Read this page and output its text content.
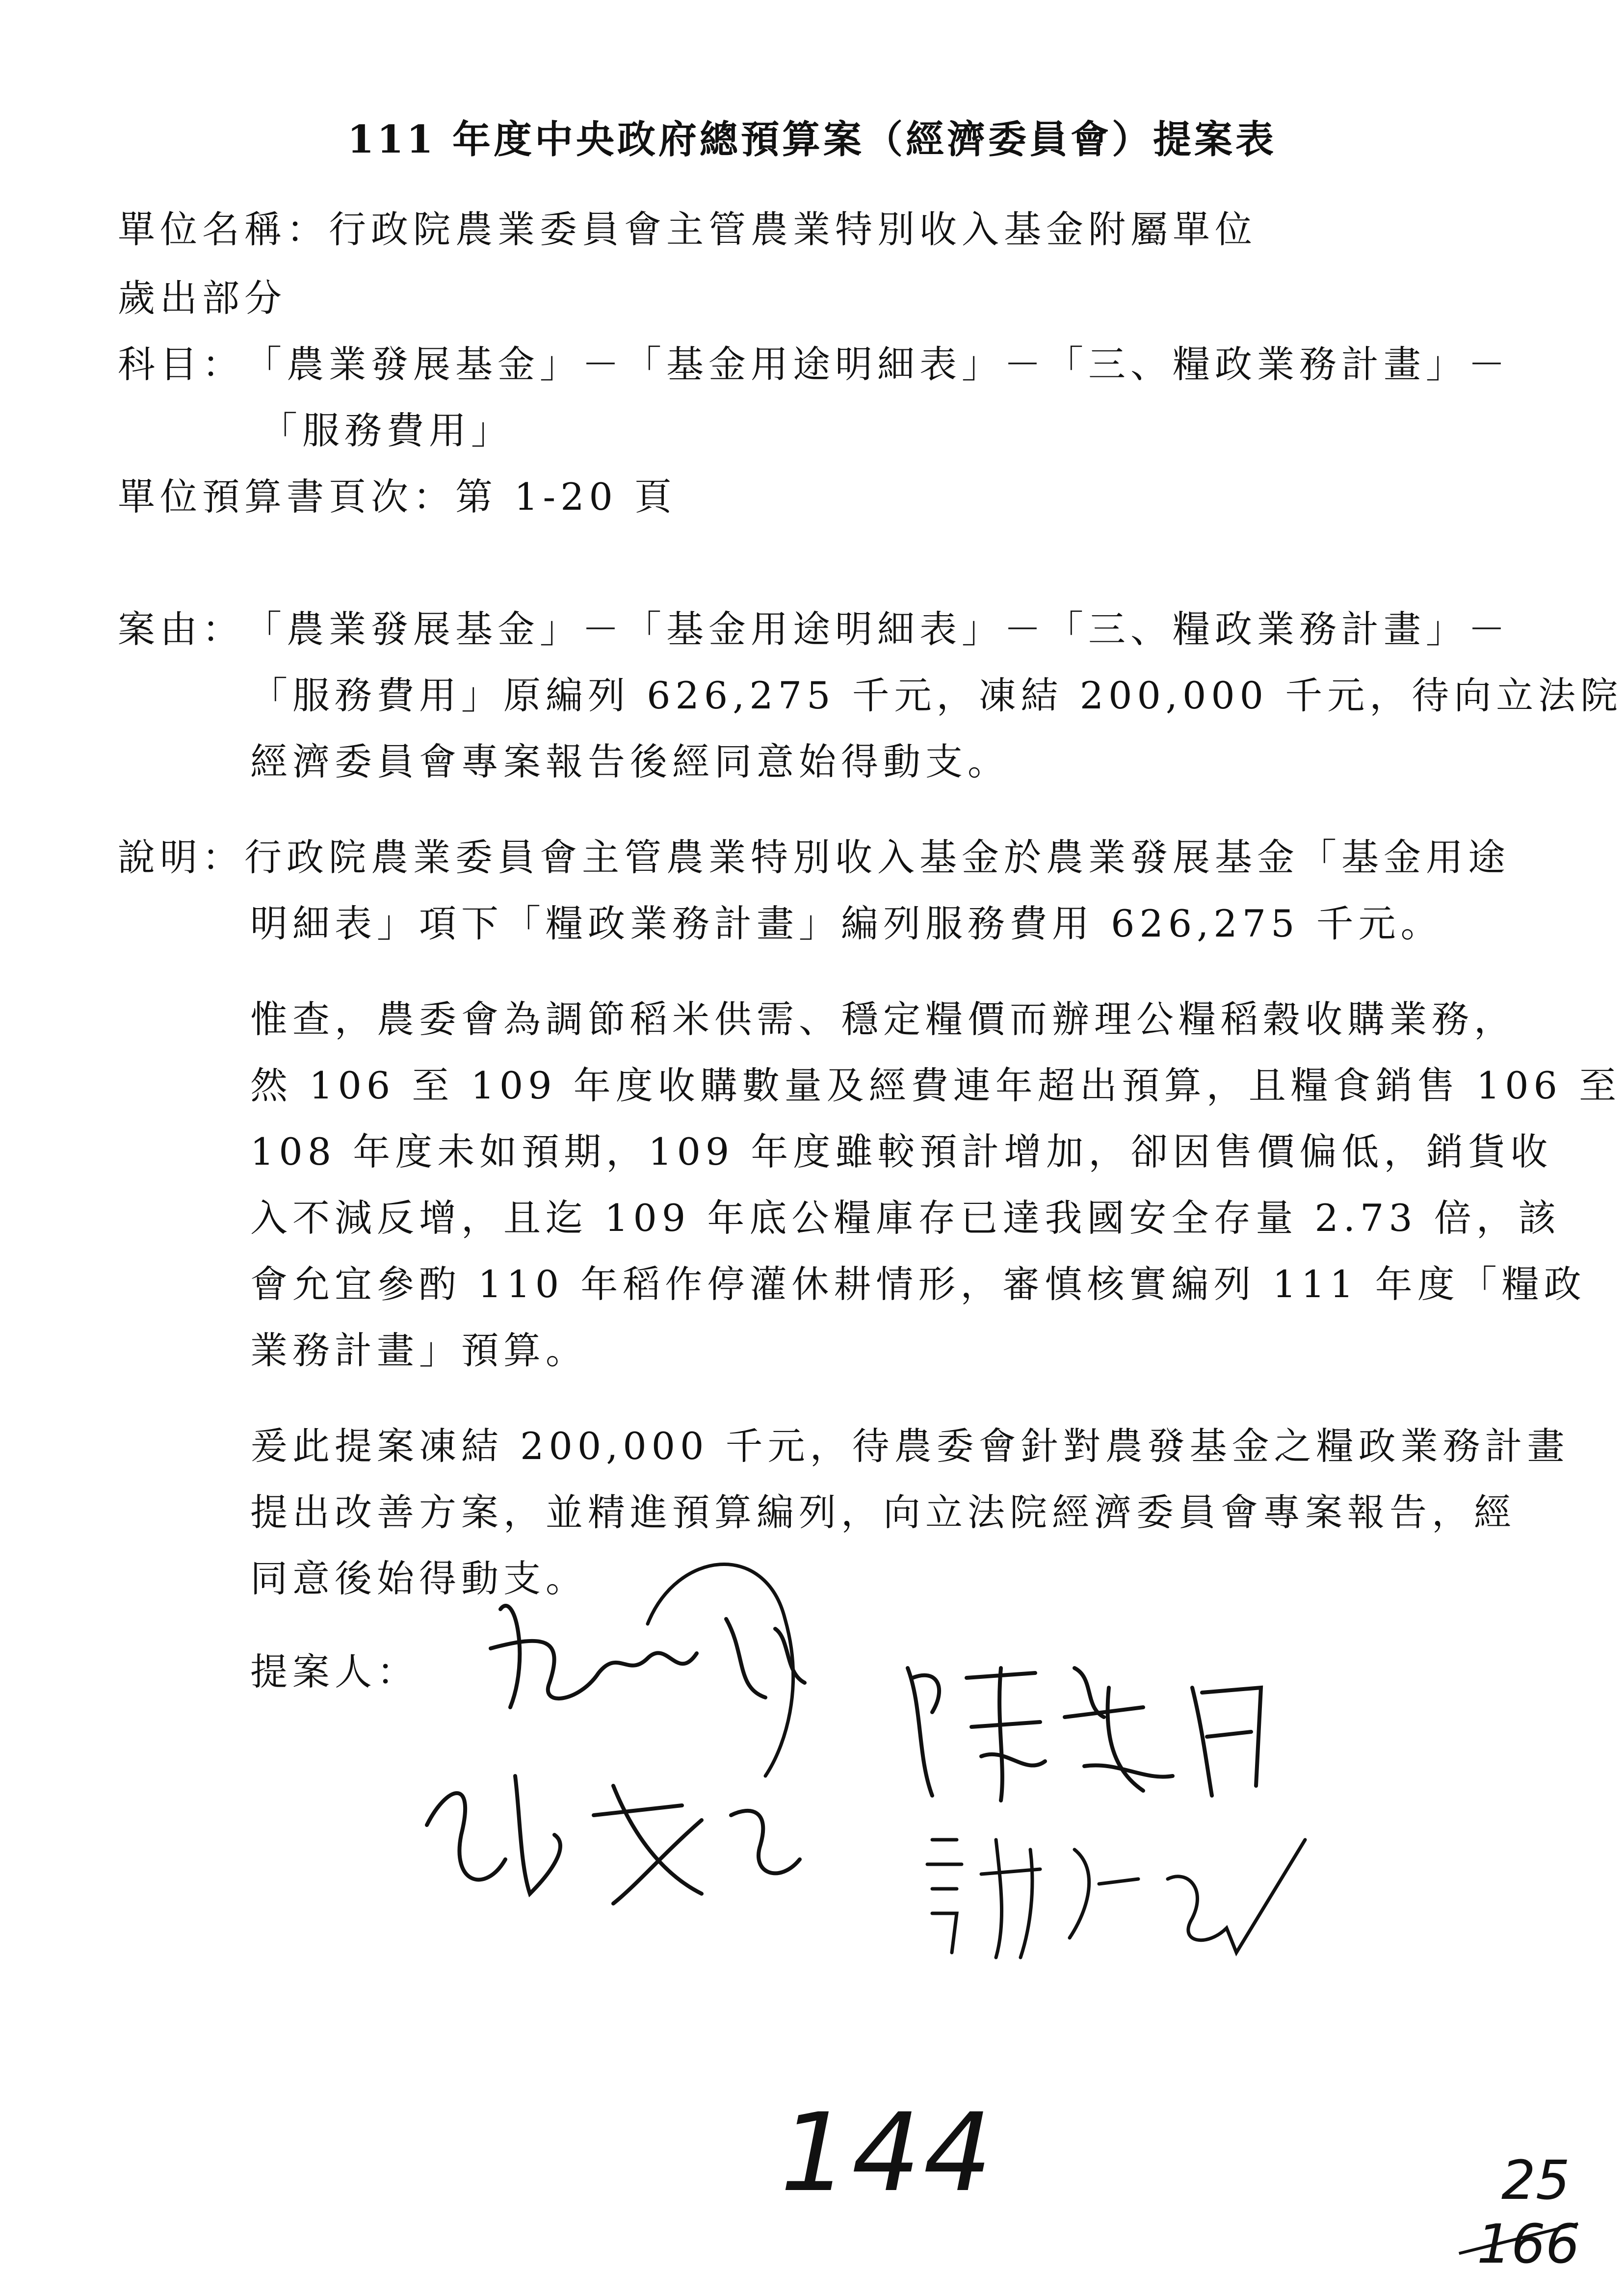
111 年度中央政府總預算案（經濟委員會）提案表
單位名稱：行政院農業委員會主管農業特別收入基金附屬單位
歲出部分
科目：「農業發展基金」－「基金用途明細表」－「三、糧政業務計畫」－
「服務費用」
單位預算書頁次：第 1-20 頁
案由：「農業發展基金」－「基金用途明細表」－「三、糧政業務計畫」－
「服務費用」原編列 626,275 千元，凍結 200,000 千元，待向立法院
經濟委員會專案報告後經同意始得動支。
說明：行政院農業委員會主管農業特別收入基金於農業發展基金「基金用途
明細表」項下「糧政業務計畫」編列服務費用 626,275 千元。
惟查，農委會為調節稻米供需、穩定糧價而辦理公糧稻穀收購業務，
然 106 至 109 年度收購數量及經費連年超出預算，且糧食銷售 106 至
108 年度未如預期，109 年度雖較預計增加，卻因售價偏低，銷貨收
入不減反增，且迄 109 年底公糧庫存已達我國安全存量 2.73 倍，該
會允宜參酌 110 年稻作停灌休耕情形，審慎核實編列 111 年度「糧政
業務計畫」預算。
爰此提案凍結 200,000 千元，待農委會針對農發基金之糧政業務計畫
提出改善方案，並精進預算編列，向立法院經濟委員會專案報告，經
同意後始得動支。
提案人：
144	25
166
